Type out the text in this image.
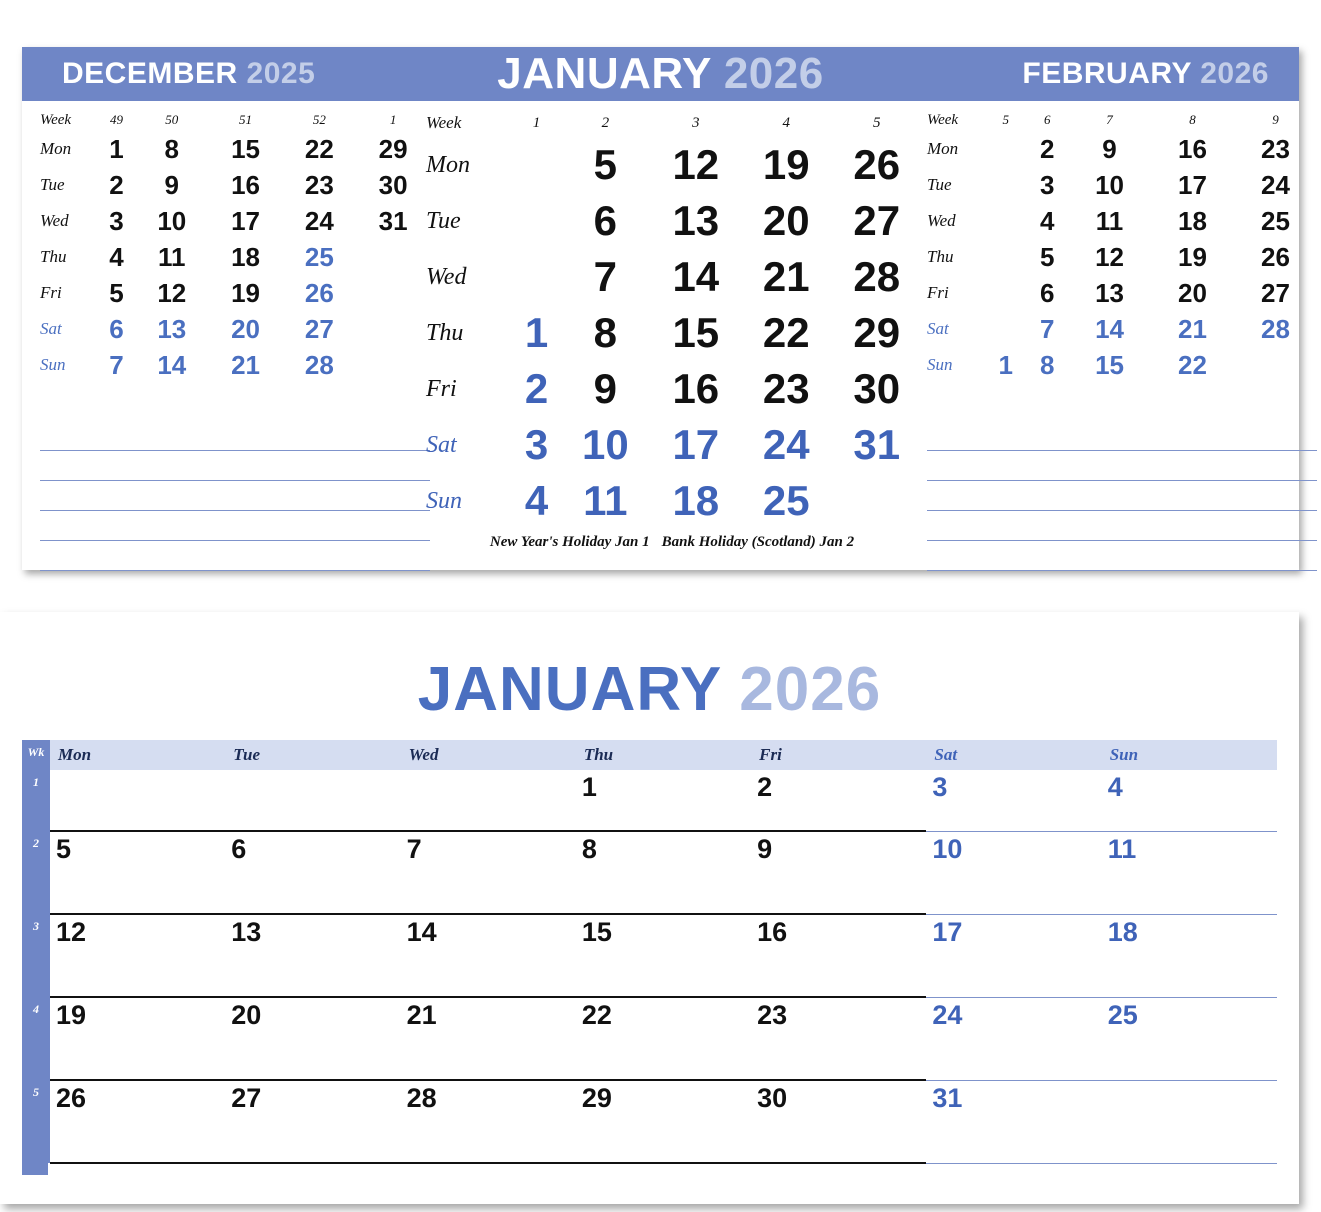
DECEMBER 2025	JANUARY 2026	FEBRUARY 2026
Week	49	50	51	52	1
Mon	1	8	15	22	29
Tue	2	9	16	23	30
Wed	3	10	17	24	31
Thu	4	11	18	25	
Fri	5	12	19	26	
Sat	6	13	20	27	
Sun	7	14	21	28	
Week	1	2	3	4	5
Mon		5	12	19	26
Tue		6	13	20	27
Wed		7	14	21	28
Thu	1	8	15	22	29
Fri	2	9	16	23	30
Sat	3	10	17	24	31
Sun	4	11	18	25	
New Year's Holiday Jan 1 Bank Holiday (Scotland) Jan 2
Week	5	6	7	8	9
Mon		2	9	16	23
Tue		3	10	17	24
Wed		4	11	18	25
Thu		5	12	19	26
Fri		6	13	20	27
Sat		7	14	21	28
Sun	1	8	15	22	
JANUARY 2026
Wk	Mon	Tue	Wed	Thu	Fri	Sat	Sun
1				1	2	3	4
2	5	6	7	8	9	10	11
3	12	13	14	15	16	17	18
4	19	20	21	22	23	24	25
5	26	27	28	29	30	31	
